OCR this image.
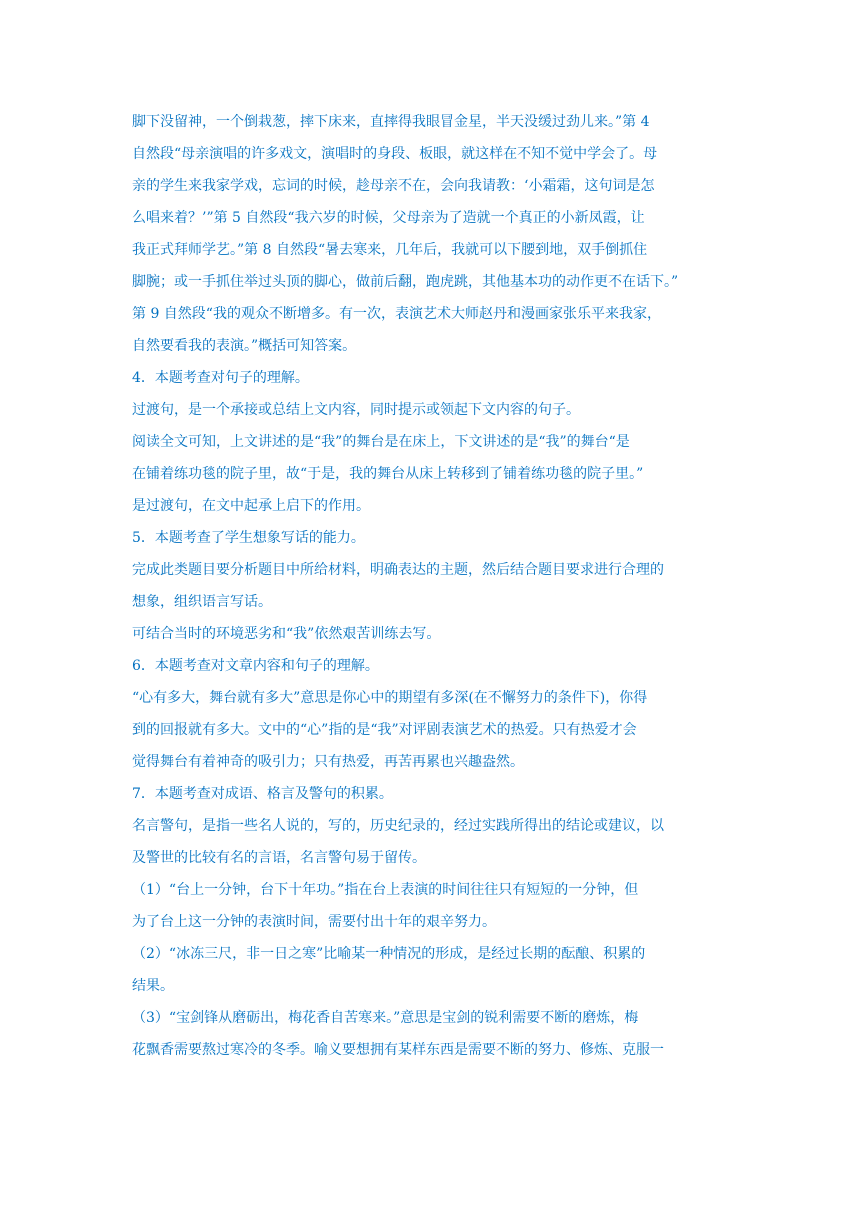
脚下没留神，一个倒栽葱，摔下床来，直摔得我眼冒金星，半天没缓过劲儿来。”第 4
自然段“母亲演唱的许多戏文，演唱时的身段、板眼，就这样在不知不觉中学会了。母
亲的学生来我家学戏，忘词的时候，趁母亲不在，会向我请教：‘小霜霜，这句词是怎
么唱来着？’”第 5 自然段“我六岁的时候，父母亲为了造就一个真正的小新凤霞，让
我正式拜师学艺。”第 8 自然段“暑去寒来，几年后，我就可以下腰到地，双手倒抓住
脚腕；或一手抓住举过头顶的脚心，做前后翻，跑虎跳，其他基本功的动作更不在话下。”
第 9 自然段“我的观众不断增多。有一次，表演艺术大师赵丹和漫画家张乐平来我家，
自然要看我的表演。”概括可知答案。
4．本题考查对句子的理解。
过渡句，是一个承接或总结上文内容，同时提示或领起下文内容的句子。
阅读全文可知，上文讲述的是“我”的舞台是在床上，下文讲述的是“我”的舞台“是
在铺着练功毯的院子里，故“于是，我的舞台从床上转移到了铺着练功毯的院子里。”
是过渡句，在文中起承上启下的作用。
5．本题考查了学生想象写话的能力。
完成此类题目要分析题目中所给材料，明确表达的主题，然后结合题目要求进行合理的
想象，组织语言写话。
可结合当时的环境恶劣和“我”依然艰苦训练去写。
6．本题考查对文章内容和句子的理解。
“心有多大，舞台就有多大”意思是你心中的期望有多深(在不懈努力的条件下)，你得
到的回报就有多大。文中的“心”指的是“我”对评剧表演艺术的热爱。只有热爱才会
觉得舞台有着神奇的吸引力；只有热爱，再苦再累也兴趣盎然。
7．本题考查对成语、格言及警句的积累。
名言警句，是指一些名人说的，写的，历史纪录的，经过实践所得出的结论或建议，以
及警世的比较有名的言语，名言警句易于留传。
（1）“台上一分钟，台下十年功。”指在台上表演的时间往往只有短短的一分钟，但
为了台上这一分钟的表演时间，需要付出十年的艰辛努力。
（2）“冰冻三尺，非一日之寒”比喻某一种情况的形成，是经过长期的酝酿、积累的
结果。
（3）“宝剑锋从磨砺出，梅花香自苦寒来。”意思是宝剑的锐利需要不断的磨炼，梅
花飘香需要熬过寒冷的冬季。喻义要想拥有某样东西是需要不断的努力、修炼、克服一
